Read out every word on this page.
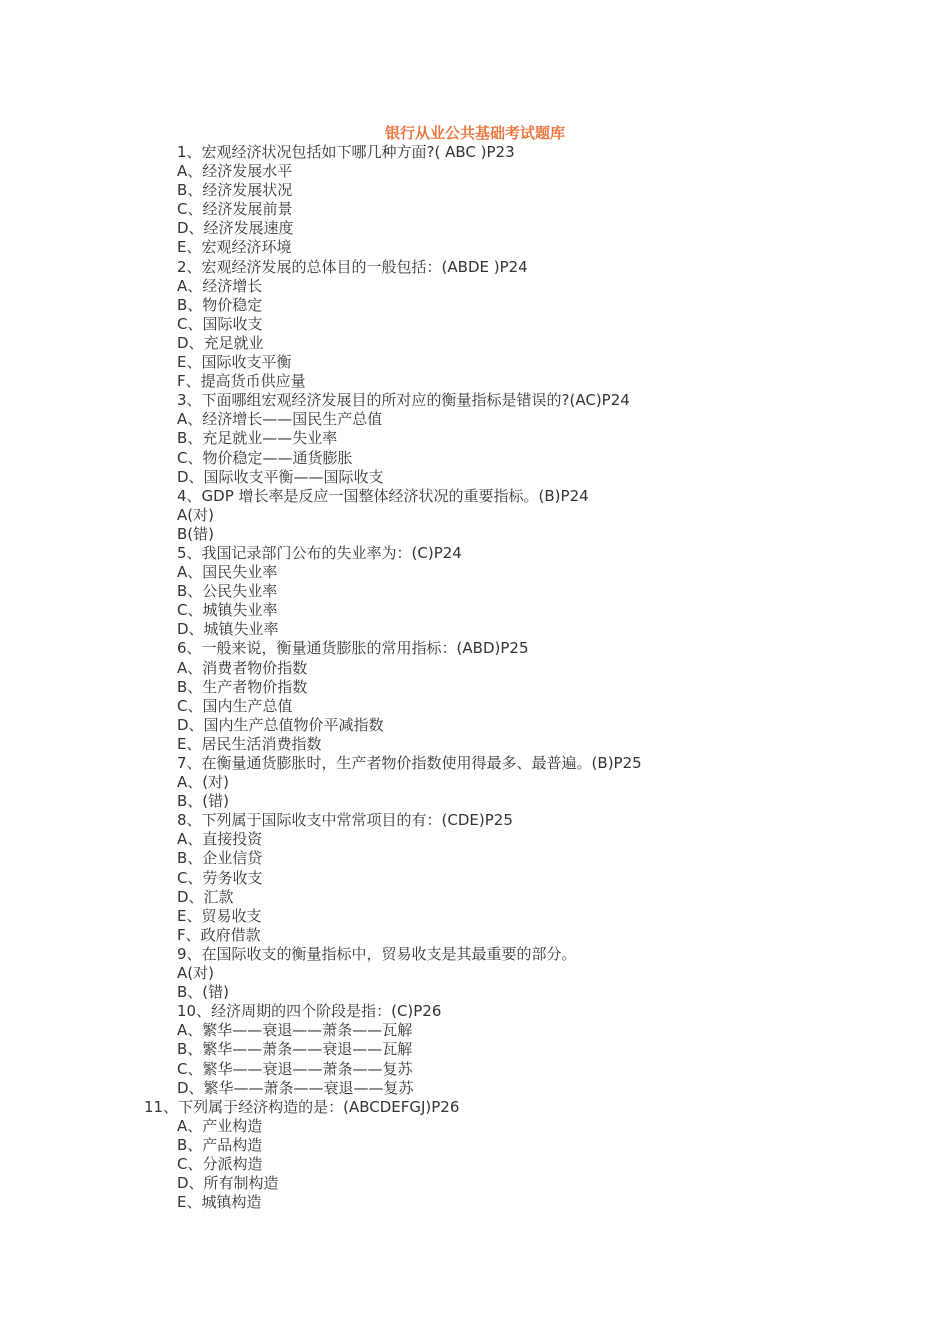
银行从业公共基础考试题库
1、宏观经济状况包括如下哪几种方面?( ABC )P23
A、经济发展水平
B、经济发展状况
C、经济发展前景
D、经济发展速度
E、宏观经济环境
2、宏观经济发展的总体目的一般包括：(ABDE )P24
A、经济增长
B、物价稳定
C、国际收支
D、充足就业
E、国际收支平衡
F、提高货币供应量
3、下面哪组宏观经济发展目的所对应的衡量指标是错误的?(AC)P24
A、经济增长——国民生产总值
B、充足就业——失业率
C、物价稳定——通货膨胀
D、国际收支平衡——国际收支
4、GDP 增长率是反应一国整体经济状况的重要指标。(B)P24
A(对)
B(错)
5、我国记录部门公布的失业率为：(C)P24
A、国民失业率
B、公民失业率
C、城镇失业率
D、城镇失业率
6、一般来说，衡量通货膨胀的常用指标：(ABD)P25
A、消费者物价指数
B、生产者物价指数
C、国内生产总值
D、国内生产总值物价平减指数
E、居民生活消费指数
7、在衡量通货膨胀时，生产者物价指数使用得最多、最普遍。(B)P25
A、(对)
B、(错)
8、下列属于国际收支中常常项目的有：(CDE)P25
A、直接投资
B、企业信贷
C、劳务收支
D、汇款
E、贸易收支
F、政府借款
9、在国际收支的衡量指标中，贸易收支是其最重要的部分。
A(对)
B、(错)
10、经济周期的四个阶段是指：(C)P26
A、繁华——衰退——萧条——瓦解
B、繁华——萧条——衰退——瓦解
C、繁华——衰退——萧条——复苏
D、繁华——萧条——衰退——复苏
11、下列属于经济构造的是：(ABCDEFGJ)P26
A、产业构造
B、产品构造
C、分派构造
D、所有制构造
E、城镇构造
